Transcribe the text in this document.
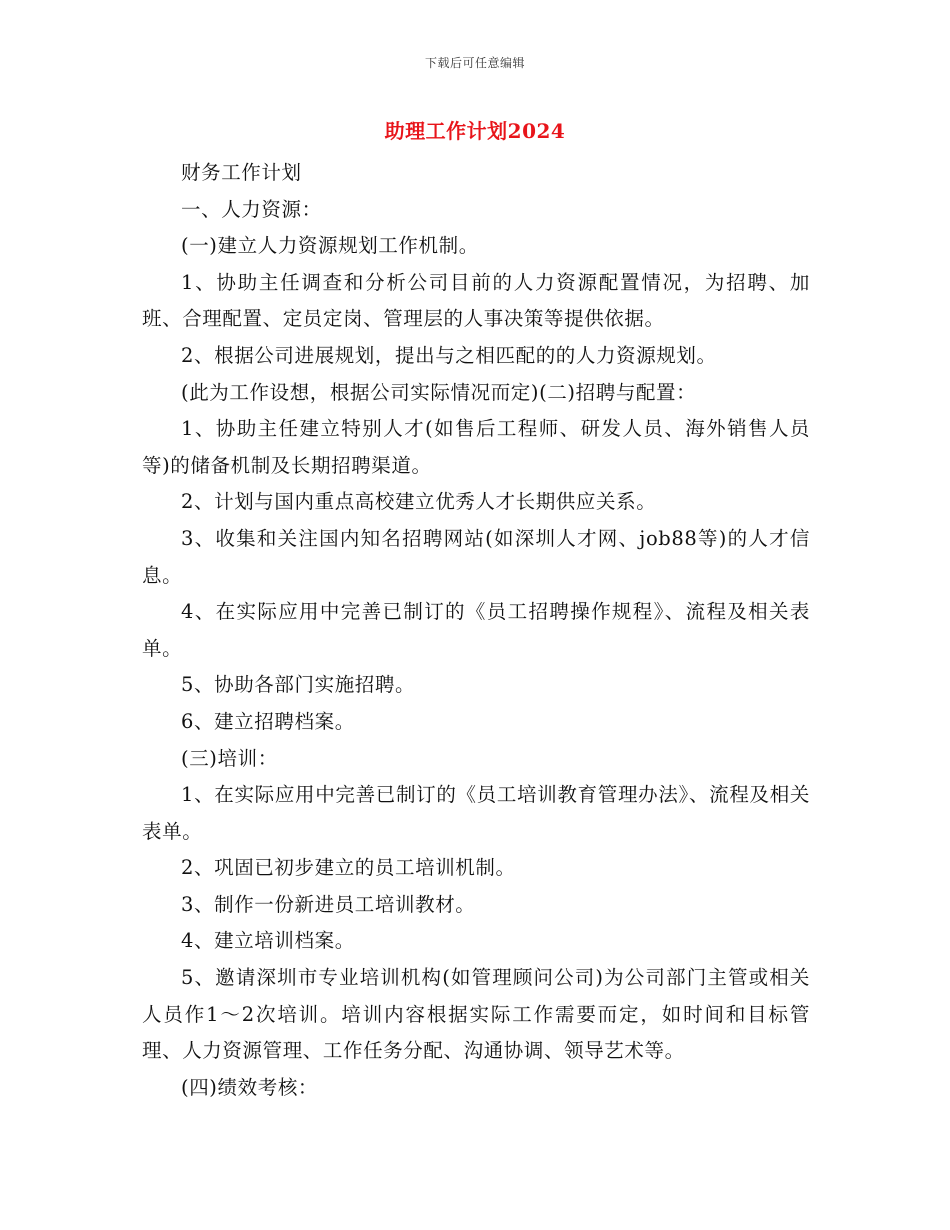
下载后可任意编辑
助理工作计划2024

财务工作计划

一、人力资源：

(一)建立人力资源规划工作机制。

1、协助主任调查和分析公司目前的人力资源配置情况，为招聘、加班、合理配置、定员定岗、管理层的人事决策等提供依据。

2、根据公司进展规划，提出与之相匹配的的人力资源规划。

(此为工作设想，根据公司实际情况而定)(二)招聘与配置：

1、协助主任建立特别人才(如售后工程师、研发人员、海外销售人员等)的储备机制及长期招聘渠道。

2、计划与国内重点高校建立优秀人才长期供应关系。

3、收集和关注国内知名招聘网站(如深圳人才网、job88等)的人才信息。

4、在实际应用中完善已制订的《员工招聘操作规程》、流程及相关表单。

5、协助各部门实施招聘。

6、建立招聘档案。

(三)培训：

1、在实际应用中完善已制订的《员工培训教育管理办法》、流程及相关表单。

2、巩固已初步建立的员工培训机制。

3、制作一份新进员工培训教材。

4、建立培训档案。

5、邀请深圳市专业培训机构(如管理顾问公司)为公司部门主管或相关人员作1～2次培训。培训内容根据实际工作需要而定，如时间和目标管理、人力资源管理、工作任务分配、沟通协调、领导艺术等。

(四)绩效考核：
